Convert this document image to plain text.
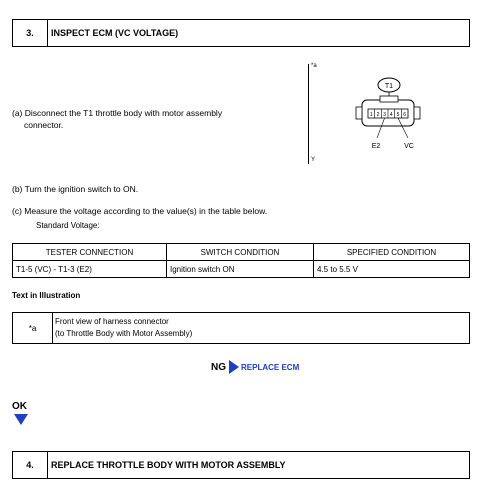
3.	INSPECT ECM (VC VOLTAGE)
(a) Disconnect the T1 throttle body with motor assembly
connector.
*a
Y
T1
1 2 3 4 5 6
E2	VC
(b) Turn the ignition switch to ON.
(c) Measure the voltage according to the value(s) in the table below.
Standard Voltage:
TESTER CONNECTION	SWITCH CONDITION	SPECIFIED CONDITION
T1-5 (VC) - T1-3 (E2)	Ignition switch ON	4.5 to 5.5 V
Text in Illustration
*a	
Front view of harness connector
(to Throttle Body with Motor Assembly)
NG REPLACE ECM
OK
4.	REPLACE THROTTLE BODY WITH MOTOR ASSEMBLY
